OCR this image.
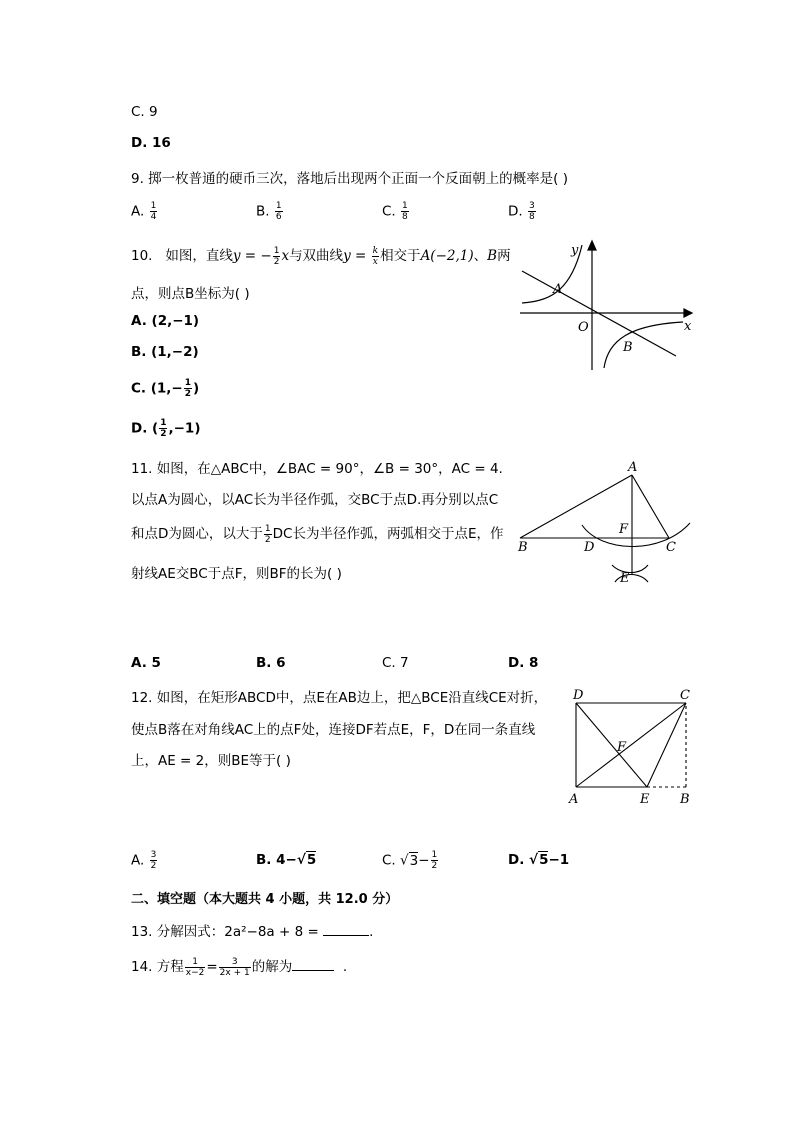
C. 9
D. 16
9. 掷一枚普通的硬币三次，落地后出现两个正面一个反面朝上的概率是( )
A. $\frac{1}{4}$	B. $\frac{1}{6}$	C. $\frac{1}{8}$	D. $\frac{3}{8}$
10. 如图，直线y = − $\frac{1}{2}$ x与双曲线$y = \frac{k}{x}$ 相交于A(−2,1)、B两
点，则点B坐标为( )
A. (2,−1)
B. (1,−2)
C. ($1,- \frac{1}{2}$ )
D. ( $\frac{1}{2} ,-1$)
y
x
A
O
B
11. 如图，在△ABC中，∠BAC = 90°，∠B = 30°，AC = 4.
以点A为圆心，以AC长为半径作弧，交BC于点D.再分别以点C
和点D为圆心，以大于 $\frac{1}{2}$ DC长为半径作弧，两弧相交于点E，作
射线AE交BC于点F，则BF的长为( )
A. 5	B. 6	C. 7	D. 8
A
B	D
F
C
E
12. 如图，在矩形ABCD中，点E在AB边上，把△BCE沿直线CE对折，
使点B落在对角线AC上的点F处，连接DF若点E，F，D在同一条直线
上，AE = 2，则BE等于( )
A. $\frac{3}{2}$	B. 4−√5	C. $√3- \frac{1}{2}$	D. √5−1
D	C
F
A	E B
二、填空题（本大题共 4 小题，共 12.0 分）
13. 分解因式：2a²−8a + 8 =	.
14. 方程 $\frac{1}{x-2} = \frac{3}{2x + 1}$ 的解为	.
